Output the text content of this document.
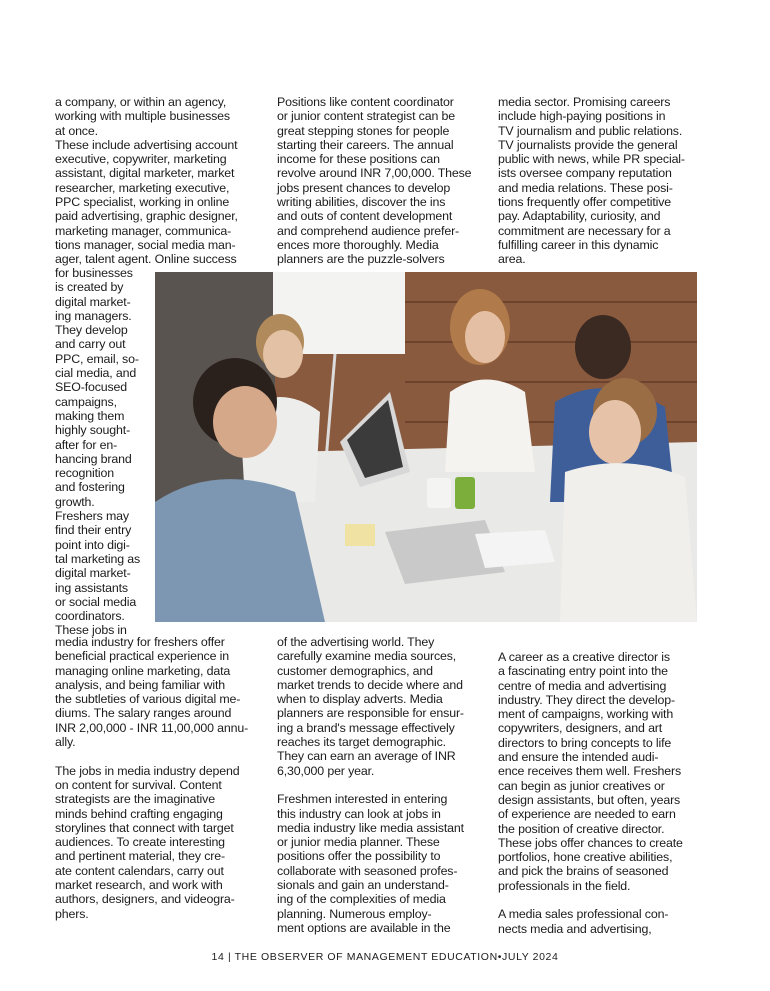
a company, or within an agency,
working with multiple businesses
at once.
These include advertising account
executive, copywriter, marketing
assistant, digital marketer, market
researcher, marketing executive,
PPC specialist, working in online
paid advertising, graphic designer,
marketing manager, communica-
tions manager, social media man-
ager, talent agent. Online success
for businesses
is created by
digital market-
ing managers.
They develop
and carry out
PPC, email, so-
cial media, and
SEO-focused
campaigns,
making them
highly sought-
after for en-
hancing brand
recognition
and fostering
growth.
Freshers may
find their entry
point into digi-
tal marketing as
digital market-
ing assistants
or social media
coordinators.
These jobs in
media industry for freshers offer
beneficial practical experience in
managing online marketing, data
analysis, and being familiar with
the subtleties of various digital me-
diums. The salary ranges around
INR 2,00,000 - INR 11,00,000 annu-
ally.
The jobs in media industry depend
on content for survival. Content
strategists are the imaginative
minds behind crafting engaging
storylines that connect with target
audiences. To create interesting
and pertinent material, they cre-
ate content calendars, carry out
market research, and work with
authors, designers, and videogra-
phers.
Positions like content coordinator
or junior content strategist can be
great stepping stones for people
starting their careers. The annual
income for these positions can
revolve around INR 7,00,000. These
jobs present chances to develop
writing abilities, discover the ins
and outs of content development
and comprehend audience prefer-
ences more thoroughly. Media
planners are the puzzle-solvers
of the advertising world. They
carefully examine media sources,
customer demographics, and
market trends to decide where and
when to display adverts. Media
planners are responsible for ensur-
ing a brand's message effectively
reaches its target demographic.
They can earn an average of INR
6,30,000 per year.
Freshmen interested in entering
this industry can look at jobs in
media industry like media assistant
or junior media planner. These
positions offer the possibility to
collaborate with seasoned profes-
sionals and gain an understand-
ing of the complexities of media
planning. Numerous employ-
ment options are available in the
media sector. Promising careers
include high-paying positions in
TV journalism and public relations.
TV journalists provide the general
public with news, while PR special-
ists oversee company reputation
and media relations. These posi-
tions frequently offer competitive
pay. Adaptability, curiosity, and
commitment are necessary for a
fulfilling career in this dynamic
area.
A career as a creative director is
a fascinating entry point into the
centre of media and advertising
industry. They direct the develop-
ment of campaigns, working with
copywriters, designers, and art
directors to bring concepts to life
and ensure the intended audi-
ence receives them well. Freshers
can begin as junior creatives or
design assistants, but often, years
of experience are needed to earn
the position of creative director.
These jobs offer chances to create
portfolios, hone creative abilities,
and pick the brains of seasoned
professionals in the field.
A media sales professional con-
nects media and advertising,
14 | THE OBSERVER OF MANAGEMENT EDUCATION•JULY 2024
